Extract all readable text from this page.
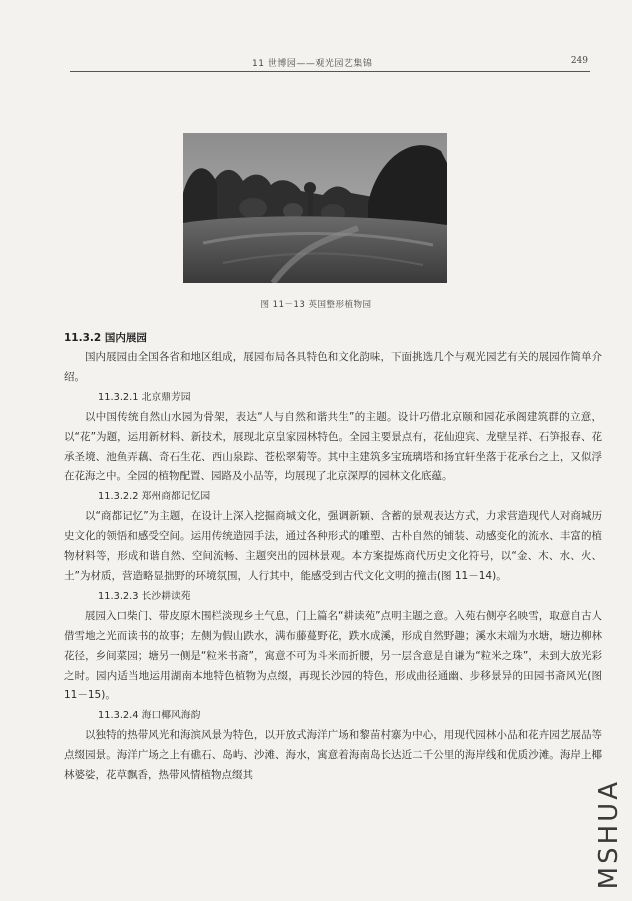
11 世博园——观光园艺集锦	249
图 11－13 英国整形植物园
11.3.2 国内展园

国内展园由全国各省和地区组成，展园布局各具特色和文化韵味，下面挑选几个与观光园艺有关的展园作简单介绍。

11.3.2.1 北京鼎芳园

以中国传统自然山水园为骨架，表达“人与自然和谐共生”的主题。设计巧借北京颐和园花承阁建筑群的立意，以“花”为题，运用新材料、新技术，展现北京皇家园林特色。全园主要景点有，花仙迎宾、龙壁呈祥、石笋报春、花承圣境、池鱼弄藕、奇石生花、西山泉踪、苍松翠菊等。其中主建筑多宝琉璃塔和扬宜轩坐落于花承台之上，又似浮在花海之中。全园的植物配置、园路及小品等，均展现了北京深厚的园林文化底蕴。

11.3.2.2 郑州商都记忆园

以“商都记忆”为主题，在设计上深入挖掘商城文化，强调新颖、含蓄的景观表达方式，力求营造现代人对商城历史文化的领悟和感受空间。运用传统造园手法，通过各种形式的雕塑、古朴自然的铺装、动感变化的流水、丰富的植物材料等，形成和谐自然、空间流畅、主题突出的园林景观。本方案提炼商代历史文化符号，以“金、木、水、火、土”为材质，营造略显拙野的环境氛围，人行其中，能感受到古代文化文明的撞击(图 11－14)。

11.3.2.3 长沙耕读苑

展园入口柴门、带皮原木围栏淡现乡土气息，门上篇名“耕读苑”点明主题之意。入苑右侧亭名映雪，取意自古人借雪地之光而读书的故事；左侧为假山跌水，满布藤蔓野花，跌水成溪，形成自然野趣；溪水末端为水塘，塘边柳林花径，乡间菜园；塘另一侧是“粒米书斋”，寓意不可为斗米而折腰，另一层含意是自谦为“粒米之珠”，未到大放光彩之时。园内适当地运用湖南本地特色植物为点缀，再现长沙园的特色，形成曲径通幽、步移景异的田园书斋风光(图 11－15)。

11.3.2.4 海口椰风海韵

以独特的热带风光和海滨风景为特色，以开放式海洋广场和黎苗村寨为中心，用现代园林小品和花卉园艺展品等点缀园景。海洋广场之上有礁石、岛屿、沙滩、海水，寓意着海南岛长达近二千公里的海岸线和优质沙滩。海岸上椰林婆娑，花草飘香，热带风情植物点缀其

MSHUA
